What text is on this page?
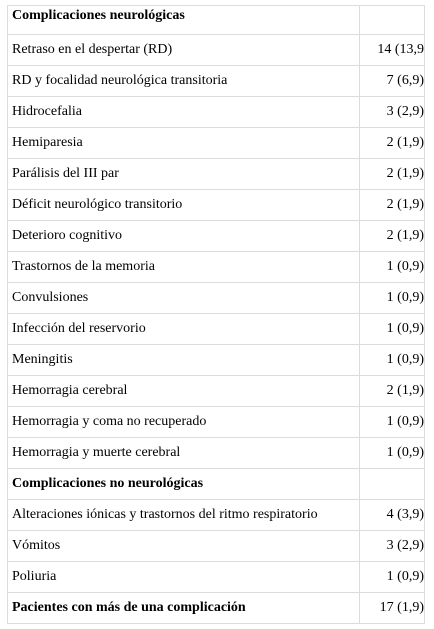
Complicaciones neurológicas	
Retraso en el despertar (RD)	14 (13,9
RD y focalidad neurológica transitoria	7 (6,9)
Hidrocefalia	3 (2,9)
Hemiparesia	2 (1,9)
Parálisis del III par	2 (1,9)
Déficit neurológico transitorio	2 (1,9)
Deterioro cognitivo	2 (1,9)
Trastornos de la memoria	1 (0,9)
Convulsiones	1 (0,9)
Infección del reservorio	1 (0,9)
Meningitis	1 (0,9)
Hemorragia cerebral	2 (1,9)
Hemorragia y coma no recuperado	1 (0,9)
Hemorragia y muerte cerebral	1 (0,9)
Complicaciones no neurológicas	
Alteraciones iónicas y trastornos del ritmo respiratorio	4 (3,9)
Vómitos	3 (2,9)
Poliuria	1 (0,9)
Pacientes con más de una complicación	17 (1,9)
